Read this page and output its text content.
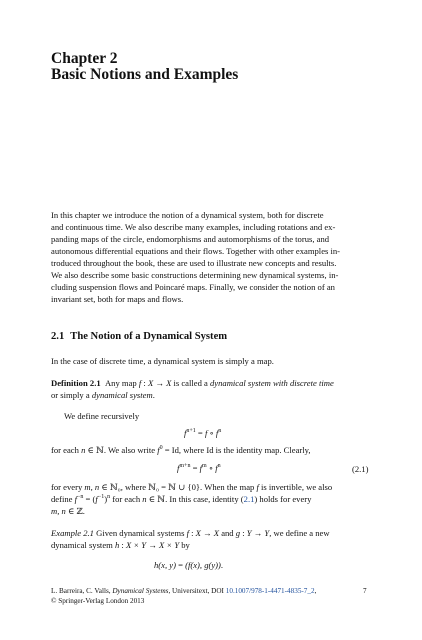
Chapter 2
Basic Notions and Examples
In this chapter we introduce the notion of a dynamical system, both for discrete
and continuous time. We also describe many examples, including rotations and ex-
panding maps of the circle, endomorphisms and automorphisms of the torus, and
autonomous differential equations and their flows. Together with other examples in-
troduced throughout the book, these are used to illustrate new concepts and results.
We also describe some basic constructions determining new dynamical systems, in-
cluding suspension flows and Poincaré maps. Finally, we consider the notion of an
invariant set, both for maps and flows.
2.1 The Notion of a Dynamical System
In the case of discrete time, a dynamical system is simply a map.
Definition 2.1 Any map f : X → X is called a dynamical system with discrete time
or simply a dynamical system.
We define recursively
$f^{n+1} = f$ ∘ $f^n$
for each n ∈ ℕ. We also write $f^0 = Id$, where Id is the identity map. Clearly,
$f^{m+n} = f^m$ ∘ $f^n$	(2.1)
for every m, n ∈ ℕ₀, where ℕ₀ = ℕ ∪ {0}. When the map f is invertible, we also
define $f^{-n} = (f^{-1})^n$ for each n ∈ ℕ. In this case, identity (2.1) holds for every
m, n ∈ ℤ.
Example 2.1 Given dynamical systems f : X → X and g : Y → Y, we define a new
dynamical system h : X × Y → X × Y by
h(x, y) = (f(x), g(y)).
L. Barreira, C. Valls, Dynamical Systems, Universitext, DOI 10.1007/978-1-4471-4835-7_2,
© Springer-Verlag London 2013
7
